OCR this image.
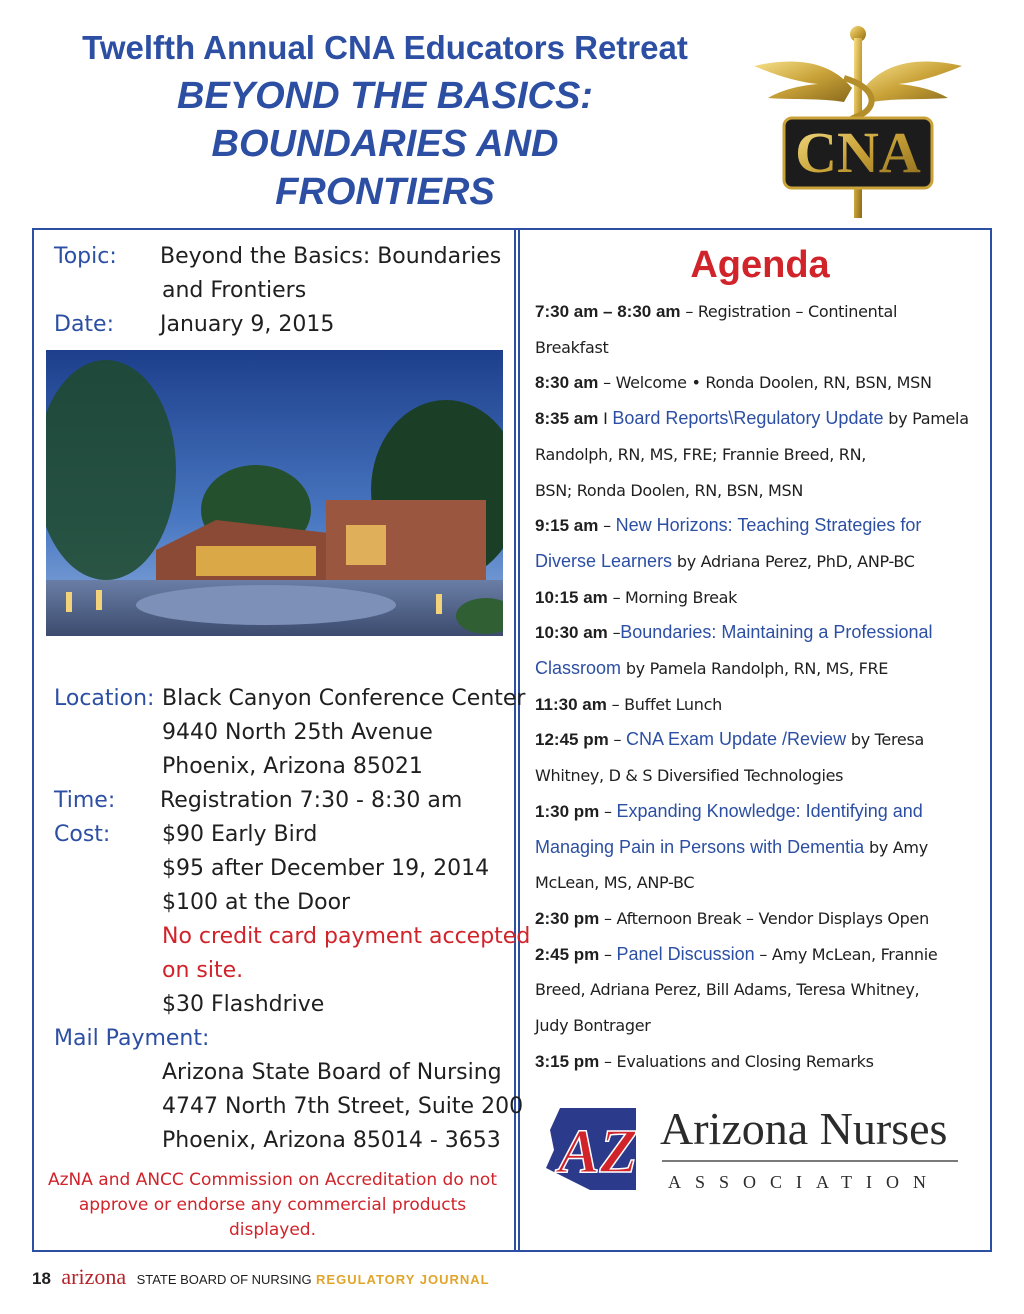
Twelfth Annual CNA Educators Retreat
BEYOND THE BASICS:
BOUNDARIES AND
FRONTIERS
CNA
Topic: Beyond the Basics: Boundaries
and Frontiers
Date: January 9, 2015
Location: Black Canyon Conference Center
9440 North 25th Avenue
Phoenix, Arizona 85021
Time: Registration 7:30 - 8:30 am
Cost: $90 Early Bird
$95 after December 19, 2014
$100 at the Door
No credit card payment accepted
on site.
$30 Flashdrive
Mail Payment:
Arizona State Board of Nursing
4747 North 7th Street, Suite 200
Phoenix, Arizona 85014 - 3653
AzNA and ANCC Commission on Accreditation do not
approve or endorse any commercial products
displayed.
Agenda

7:30 am – 8:30 am – Registration – Continental

Breakfast

8:30 am – Welcome • Ronda Doolen, RN, BSN, MSN

8:35 am I Board Reports\Regulatory Update by Pamela

Randolph, RN, MS, FRE; Frannie Breed, RN,

BSN; Ronda Doolen, RN, BSN, MSN

9:15 am – New Horizons: Teaching Strategies for

Diverse Learners by Adriana Perez, PhD, ANP-BC

10:15 am – Morning Break

10:30 am –Boundaries: Maintaining a Professional

Classroom by Pamela Randolph, RN, MS, FRE

11:30 am – Buffet Lunch

12:45 pm – CNA Exam Update /Review by Teresa

Whitney, D & S Diversified Technologies

1:30 pm – Expanding Knowledge: Identifying and

Managing Pain in Persons with Dementia by Amy

McLean, MS, ANP-BC

2:30 pm – Afternoon Break – Vendor Displays Open

2:45 pm – Panel Discussion – Amy McLean, Frannie

Breed, Adriana Perez, Bill Adams, Teresa Whitney,

Judy Bontrager

3:15 pm – Evaluations and Closing Remarks

AZ Arizona Nurses
ASSOCIATION
18 arizona STATE BOARD OF NURSING REGULATORY JOURNAL
